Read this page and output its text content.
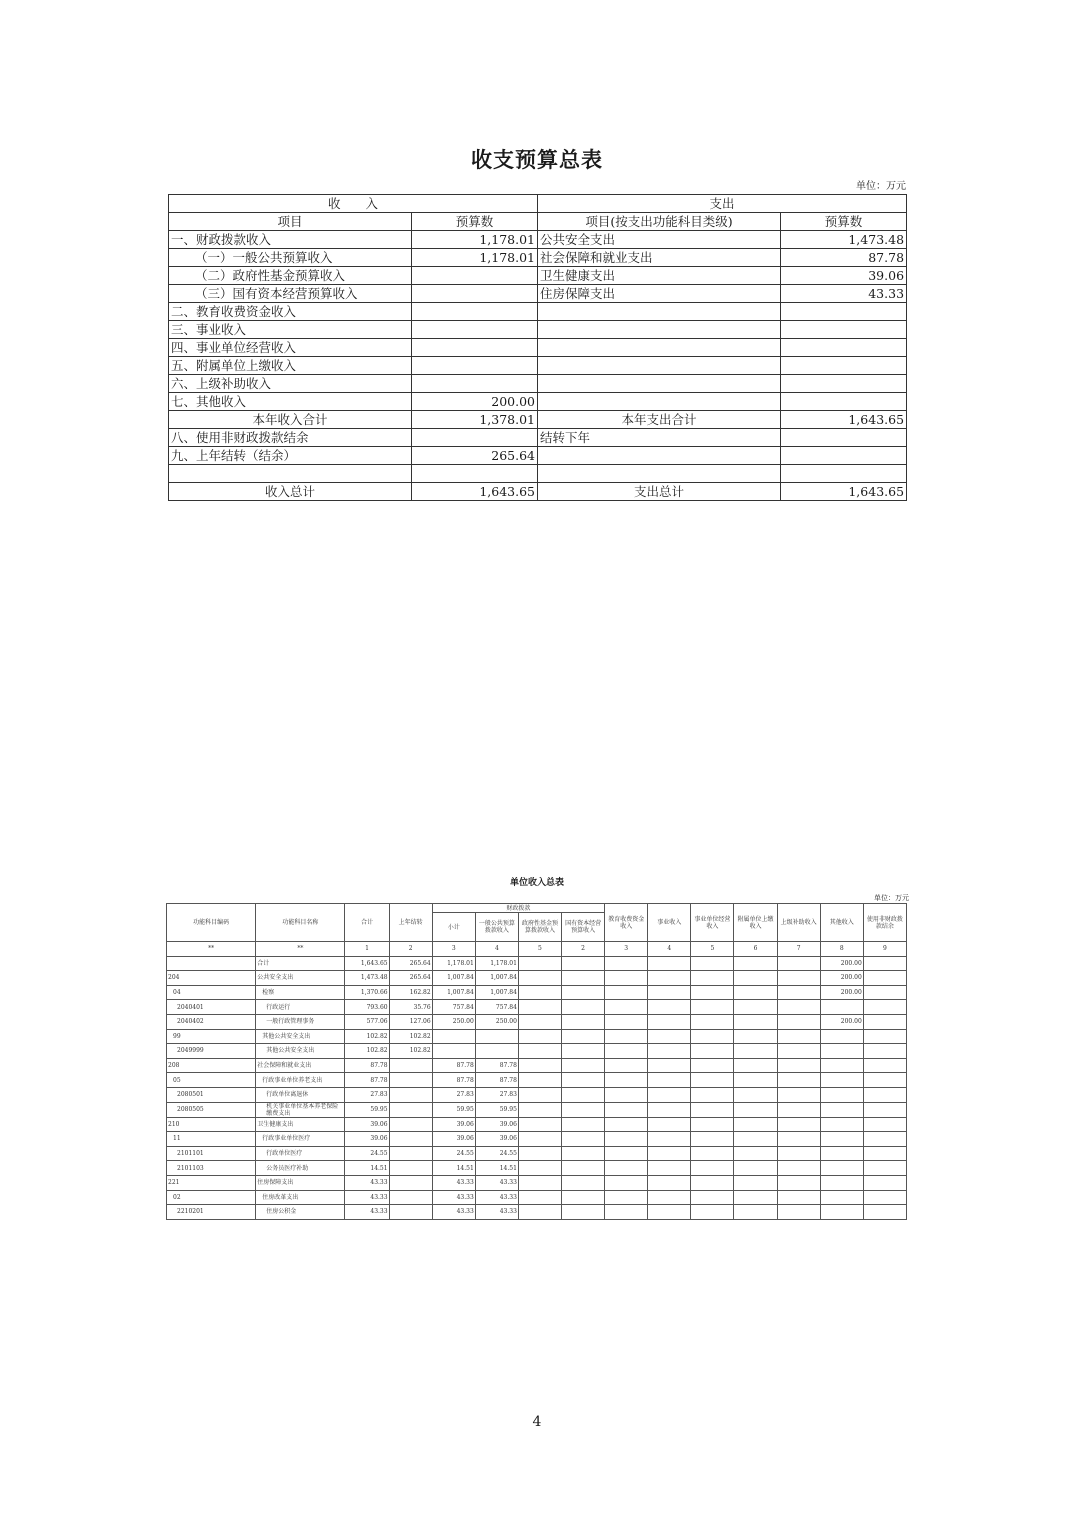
收支预算总表
单位：万元
收　　入		支出	
项目	预算数	项目(按支出功能科目类级)	预算数
一、财政拨款收入	1,178.01	公共安全支出	1,473.48
（一）一般公共预算收入	1,178.01	社会保障和就业支出	87.78
（二）政府性基金预算收入		卫生健康支出	39.06
（三）国有资本经营预算收入		住房保障支出	43.33
二、教育收费资金收入			
三、事业收入			
四、事业单位经营收入			
五、附属单位上缴收入			
六、上级补助收入			
七、其他收入	200.00		
本年收入合计	1,378.01	本年支出合计	1,643.65
八、使用非财政拨款结余		结转下年	
九、上年结转（结余）	265.64		

收入总计	1,643.65	支出总计	1,643.65
单位收入总表
单位：万元
功能科目编码	功能科目名称	合计	上年结转	财政拨款				教育收费资金收入	事业收入	事业单位经营收入	附属单位上缴收入	上级补助收入	其他收入	使用非财政拨款结余
				小计	一般公共预算拨款收入	政府性基金预算拨款收入	国有资本经营预算收入							
**	**	1	2	3	4	5	2	3	4	5	6	7	8	9
	合计	1,643.65	265.64	1,178.01	1,178.01								200.00	
204	公共安全支出	1,473.48	265.64	1,007.84	1,007.84								200.00	
04	检察	1,370.66	162.82	1,007.84	1,007.84								200.00	
2040401	行政运行	793.60	35.76	757.84	757.84									
2040402	一般行政管理事务	577.06	127.06	250.00	250.00								200.00	
99	其他公共安全支出	102.82	102.82											
2049999	其他公共安全支出	102.82	102.82											
208	社会保障和就业支出	87.78		87.78	87.78									
05	行政事业单位养老支出	87.78		87.78	87.78									
2080501	行政单位离退休	27.83		27.83	27.83									
2080505	机关事业单位基本养老保险缴费支出	59.95		59.95	59.95									
210	卫生健康支出	39.06		39.06	39.06									
11	行政事业单位医疗	39.06		39.06	39.06									
2101101	行政单位医疗	24.55		24.55	24.55									
2101103	公务员医疗补助	14.51		14.51	14.51									
221	住房保障支出	43.33		43.33	43.33									
02	住房改革支出	43.33		43.33	43.33									
2210201	住房公积金	43.33		43.33	43.33									
4
